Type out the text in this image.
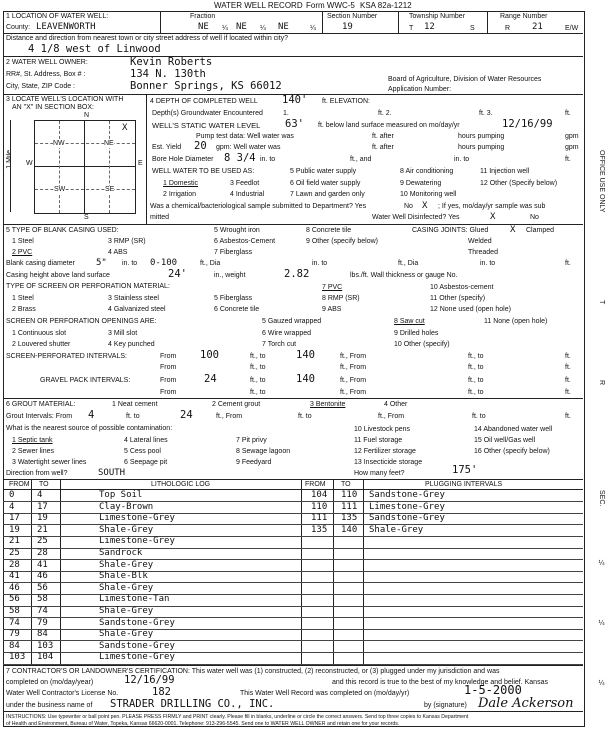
WATER WELL RECORD Form WWC-5 KSA 82a-1212
1 LOCATION OF WATER WELL:	Fraction	Section Number	Township Number	Range Number
County: LEAVENWORTH	NE ¼ NE ¼ NE	¼	19	T 12	S	R 21	E/W
Distance and direction from nearest town or city street address of well if located within city?
4 1/8 west of Linwood
2 WATER WELL OWNER:	Kevin Roberts
RR#, St. Address, Box # :	134 N. 130th
City, State, ZIP Code :	Bonner Springs, KS 66012
Board of Agriculture, Division of Water Resources
Application Number:
3 LOCATE WELL'S LOCATION WITH
AN "X" IN SECTION BOX:
N
S
W	E
1 Mile
NW	NE
SW	SE
X
4 DEPTH OF COMPLETED WELL 140' ft. ELEVATION:
Depth(s) Groundwater Encountered	1.	ft. 2.	ft. 3.	ft.
WELL'S STATIC WATER LEVEL 63' ft. below land surface measured on mo/day/yr	12/16/99
Pump test data: Well water was	ft. after	hours pumping	gpm
Est. Yield 20 gpm: Well water was	ft. after	hours pumping	gpm
Bore Hole Diameter 8 3/4 in. to	ft., and	in. to	ft.
WELL WATER TO BE USED AS:
1 Domestic
2 Irrigation
3 Feedlot
4 Industrial
5 Public water supply
6 Oil field water supply
7 Lawn and garden only
8 Air conditioning
9 Dewatering
10 Monitoring well
11 Injection well
12 Other (Specify below)
Was a chemical/bacteriological sample submitted to Department? Yes	No X ; If yes, mo/day/yr sample was sub
mitted	Water Well Disinfected? Yes	X	No
5 TYPE OF BLANK CASING USED:
1 Steel
2 PVC
3 RMP (SR)
4 ABS
5 Wrought iron
6 Asbestos-Cement
7 Fiberglass
8 Concrete tile
9 Other (specify below)
CASING JOINTS: Glued X Clamped
Welded
Threaded
Blank casing diameter 5" in. to 0-100	ft., Dia	in. to	ft., Dia	in. to	ft.
Casing height above land surface	24'	in., weight	2.82	lbs./ft. Wall thickness or gauge No.
TYPE OF SCREEN OR PERFORATION MATERIAL:
1 Steel
2 Brass
3 Stainless steel
4 Galvanized steel
5 Fiberglass
6 Concrete tile
7 PVC
8 RMP (SR)
9 ABS
10 Asbestos-cement
11 Other (specify)
12 None used (open hole)
SCREEN OR PERFORATION OPENINGS ARE:
1 Continuous slot
2 Louvered shutter
3 Mill slot
4 Key punched
5 Gauzed wrapped
6 Wire wrapped
7 Torch cut
8 Saw cut
9 Drilled holes
10 Other (specify)
11 None (open hole)
SCREEN-PERFORATED INTERVALS:	From 100	ft., to	140	ft., From	ft., to	ft.
From	ft., to	ft., From	ft., to	ft.
GRAVEL PACK INTERVALS:	From	24	ft., to	140	ft., From	ft., to	ft.
From	ft., to	ft., From	ft., to	ft.
6 GROUT MATERIAL:	1 Neat cement	2 Cement grout	3 Bentonite	4 Other
Grout Intervals: From 4	ft. to	24	ft., From	ft. to	ft., From	ft. to	ft.
What is the nearest source of possible contamination:
1 Septic tank
2 Sewer lines
3 Watertight sewer lines
4 Lateral lines
5 Cess pool
6 Seepage pit
7 Pit privy
8 Sewage lagoon
9 Feedyard
10 Livestock pens
11 Fuel storage
12 Fertilizer storage
13 Insecticide storage
14 Abandoned water well
15 Oil well/Gas well
16 Other (specify below)
Direction from well?	SOUTH	How many feet?	175'
FROM TO	LITHOLOGIC LOG	FROM TO	PLUGGING INTERVALS
0	4	Top Soil
4	17	Clay-Brown
17	19	Limestone-Grey
19	21	Shale-Grey
21	25	Limestone-Grey
25	28	Sandrock
28	41	Shale-Grey
41	46	Shale-Blk
46	56	Shale-Grey
56	58	Limestone-Tan
58	74	Shale-Grey
74	79	Sandstone-Grey
79	84	Shale-Grey
84	103	Sandstone-Grey
103	104	Limestone-Grey
104	110	Sandstone-Grey
110	111	Limestone-Grey
111	135	Sandstone-Grey
135	140	Shale-Grey
7 CONTRACTOR'S OR LANDOWNER'S CERTIFICATION: This water well was (1) constructed, (2) reconstructed, or (3) plugged under my jurisdiction and was
completed on (mo/day/year)	12/16/99	and this record is true to the best of my knowledge and belief. Kansas
Water Well Contractor's License No.	182	This Water Well Record was completed on (mo/day/yr)	1-5-2000
under the business name of STRADER DRILLING CO., INC.	by (signature) Dale Ackerson
INSTRUCTIONS: Use typewriter or ball point pen. PLEASE PRESS FIRMLY and PRINT clearly. Please fill in blanks, underline or circle the correct answers. Send top three copies to Kansas Department
of Health and Environment, Bureau of Water, Topeka, Kansas 66620-0001. Telephone: 913-296-5545. Send one to WATER WELL OWNER and retain one for your records.
OFFICE USE ONLY
T
R
SEC.
¼
¼
¼
